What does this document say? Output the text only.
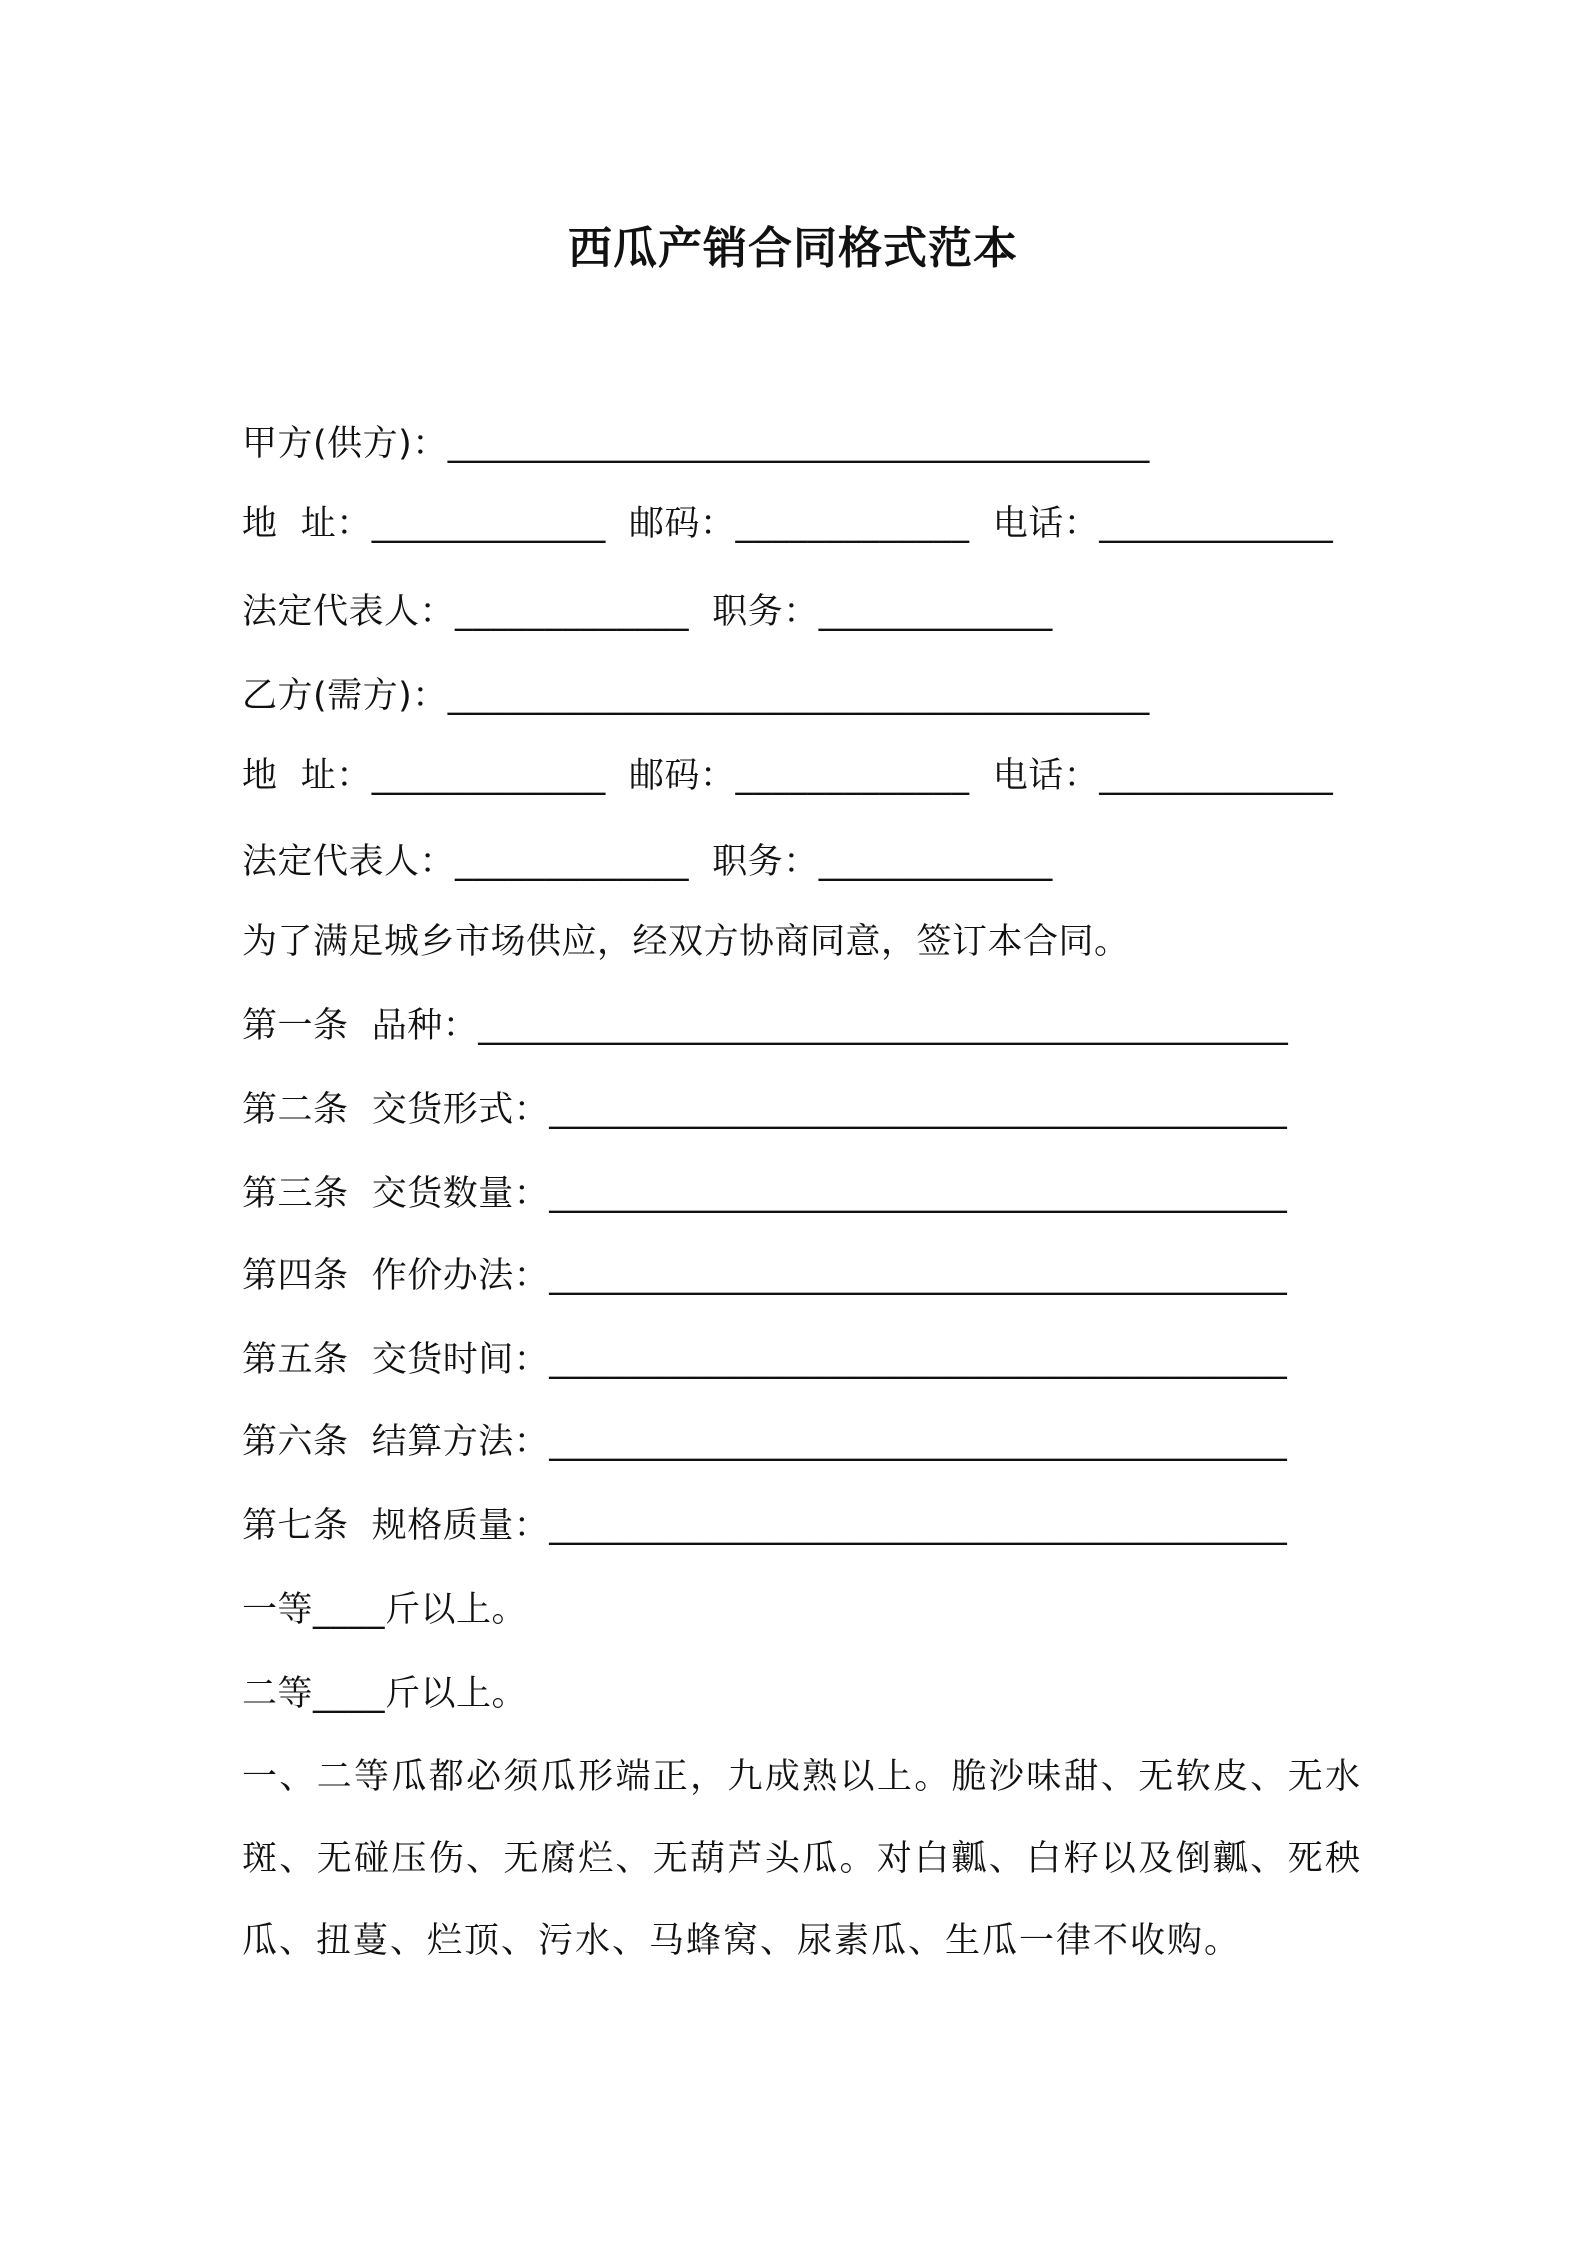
西瓜产销合同格式范本
甲方(供方)：_______________________________________
地  址：_____________  邮码：_____________  电话：_____________
法定代表人：_____________  职务：_____________
乙方(需方)：_______________________________________
地  址：_____________  邮码：_____________  电话：_____________
法定代表人：_____________  职务：_____________
为了满足城乡市场供应，经双方协商同意，签订本合同。
第一条  品种：_____________________________________________
第二条  交货形式：_________________________________________
第三条  交货数量：_________________________________________
第四条  作价办法：_________________________________________
第五条  交货时间：_________________________________________
第六条  结算方法：_________________________________________
第七条  规格质量：_________________________________________
一等____斤以上。
二等____斤以上。
一、二等瓜都必须瓜形端正，九成熟以上。脆沙味甜、无软皮、无水斑、无碰压伤、无腐烂、无葫芦头瓜。对白瓤、白籽以及倒瓤、死秧瓜、扭蔓、烂顶、污水、马蜂窝、尿素瓜、生瓜一律不收购。
